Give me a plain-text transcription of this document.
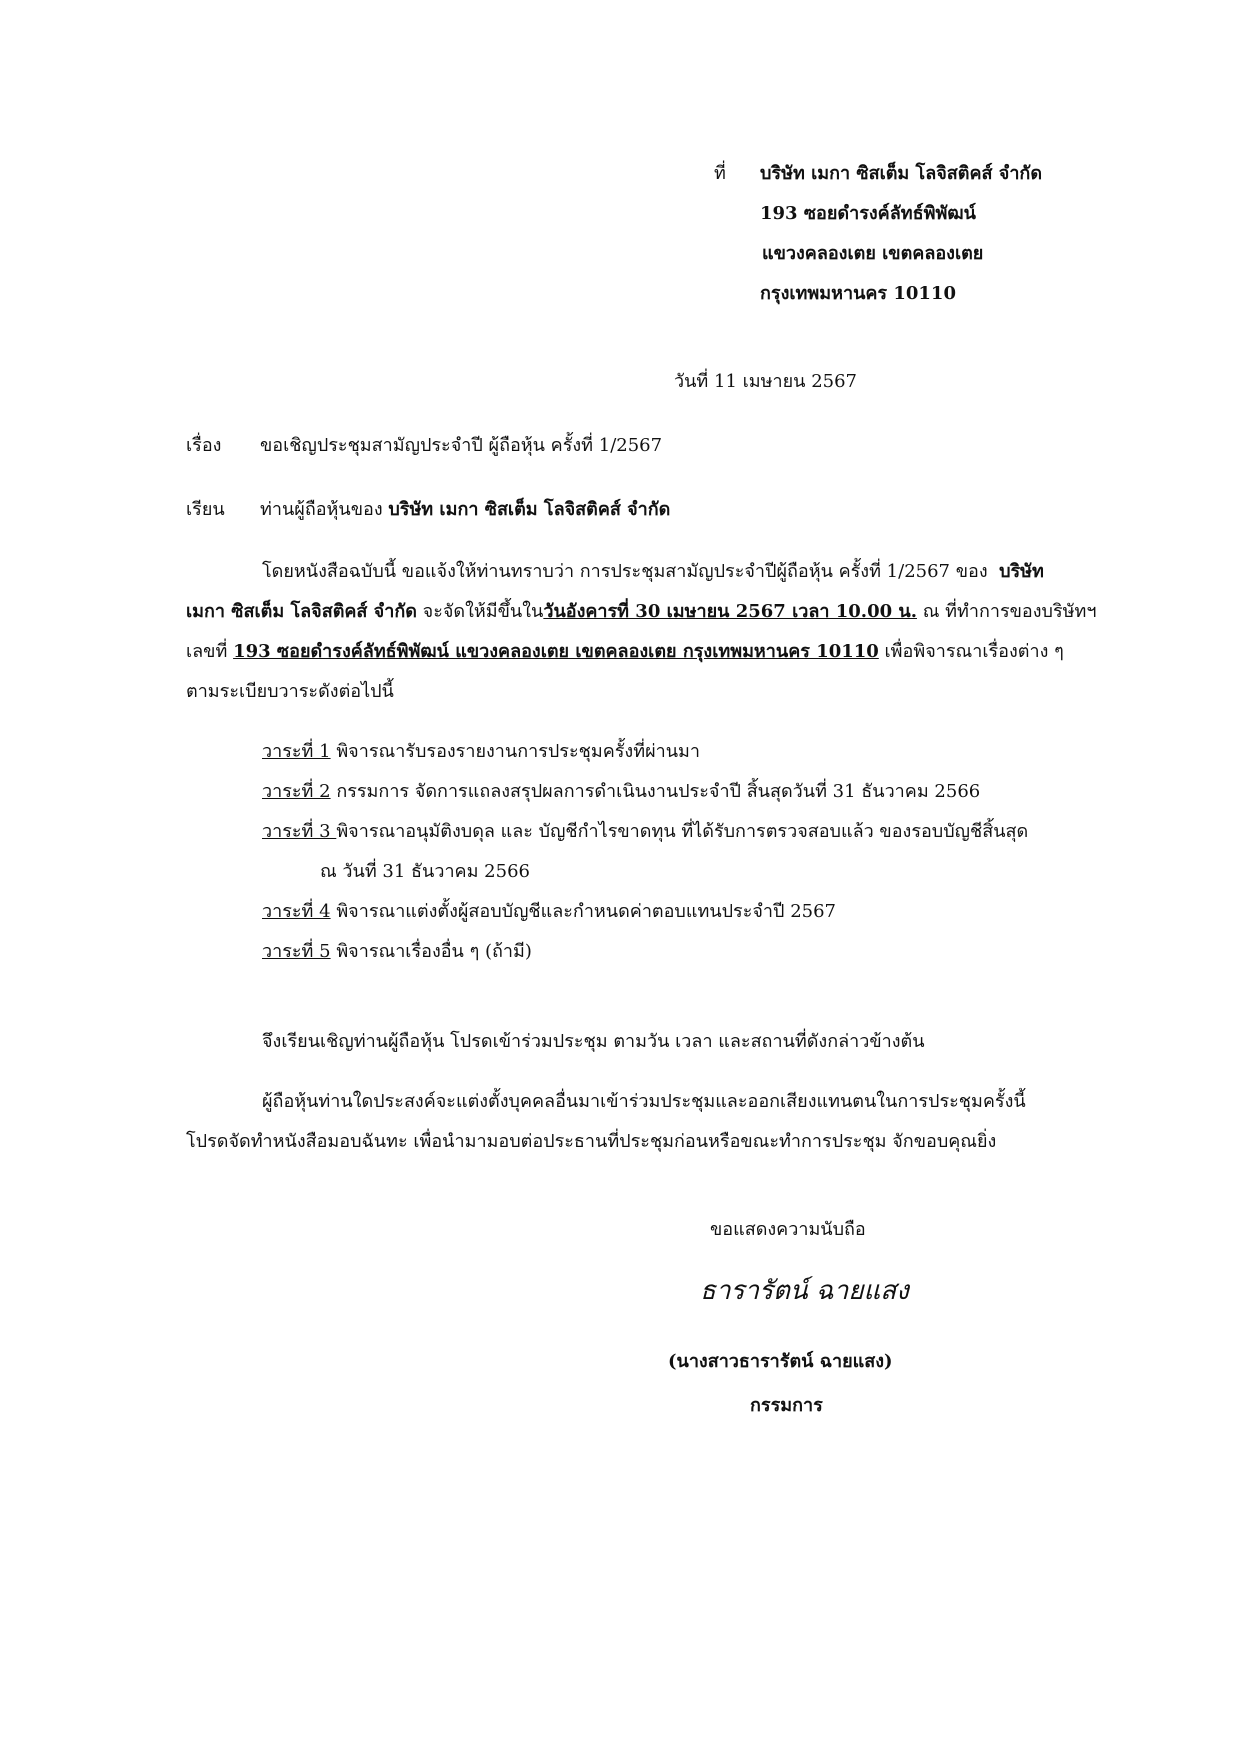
ที่ บริษัท เมกา ซิสเต็ม โลจิสติคส์ จำกัด
193 ซอยดำรงค์ลัทธ์พิพัฒน์
แขวงคลองเตย เขตคลองเตย
กรุงเทพมหานคร 10110
วันที่ 11 เมษายน 2567
เรื่อง ขอเชิญประชุมสามัญประจำปี ผู้ถือหุ้น ครั้งที่ 1/2567
เรียน ท่านผู้ถือหุ้นของ บริษัท เมกา ซิสเต็ม โลจิสติคส์ จำกัด
โดยหนังสือฉบับนี้ ขอแจ้งให้ท่านทราบว่า การประชุมสามัญประจำปีผู้ถือหุ้น ครั้งที่ 1/2567 ของ บริษัท
เมกา ซิสเต็ม โลจิสติคส์ จำกัด จะจัดให้มีขึ้นในวันอังคารที่ 30 เมษายน 2567 เวลา 10.00 น. ณ ที่ทำการของบริษัทฯ
เลขที่ 193 ซอยดำรงค์ลัทธ์พิพัฒน์ แขวงคลองเตย เขตคลองเตย กรุงเทพมหานคร 10110 เพื่อพิจารณาเรื่องต่าง ๆ
ตามระเบียบวาระดังต่อไปนี้
วาระที่ 1 พิจารณารับรองรายงานการประชุมครั้งที่ผ่านมา
วาระที่ 2 กรรมการ จัดการแถลงสรุปผลการดำเนินงานประจำปี สิ้นสุดวันที่ 31 ธันวาคม 2566
วาระที่ 3 พิจารณาอนุมัติงบดุล และ บัญชีกำไรขาดทุน ที่ได้รับการตรวจสอบแล้ว ของรอบบัญชีสิ้นสุด
ณ วันที่ 31 ธันวาคม 2566
วาระที่ 4 พิจารณาแต่งตั้งผู้สอบบัญชีและกำหนดค่าตอบแทนประจำปี 2567
วาระที่ 5 พิจารณาเรื่องอื่น ๆ (ถ้ามี)
จึงเรียนเชิญท่านผู้ถือหุ้น โปรดเข้าร่วมประชุม ตามวัน เวลา และสถานที่ดังกล่าวข้างต้น
ผู้ถือหุ้นท่านใดประสงค์จะแต่งตั้งบุคคลอื่นมาเข้าร่วมประชุมและออกเสียงแทนตนในการประชุมครั้งนี้
โปรดจัดทำหนังสือมอบฉันทะ เพื่อนำมามอบต่อประธานที่ประชุมก่อนหรือขณะทำการประชุม จักขอบคุณยิ่ง
ขอแสดงความนับถือ
ธารารัตน์ ฉายแสง
(นางสาวธารารัตน์ ฉายแสง)
กรรมการ
